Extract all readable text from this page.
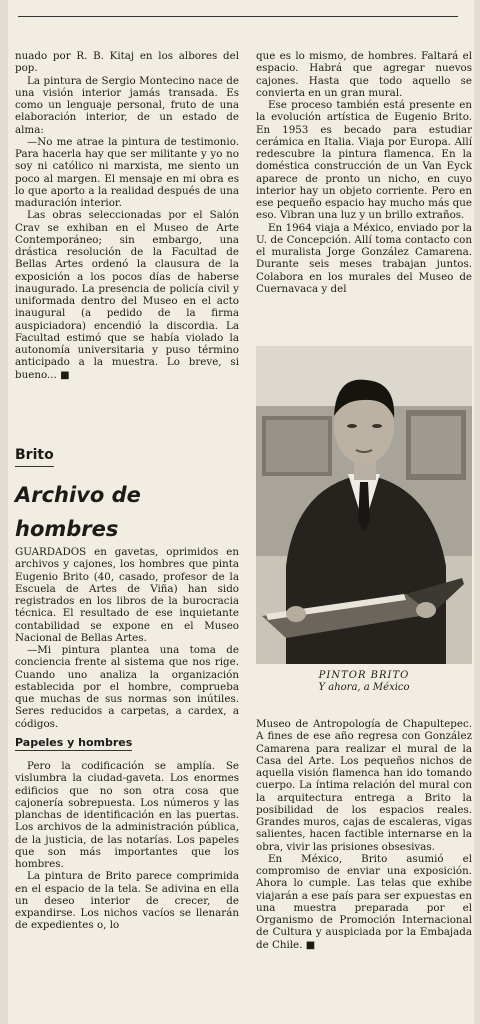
nuado por R. B. Kitaj en los albores del pop.

La pintura de Sergio Montecino nace de una visión interior jamás transada. Es como un lenguaje personal, fruto de una elaboración interior, de un estado de alma:

—No me atrae la pintura de testimonio. Para hacerla hay que ser militante y yo no soy ni católico ni marxista, me siento un poco al margen. El mensaje en mi obra es lo que aporto a la realidad después de una maduración interior.

Las obras seleccionadas por el Salón Crav se exhiban en el Museo de Arte Contemporáneo; sin embargo, una drástica resolución de la Facultad de Bellas Artes ordenó la clausura de la exposición a los pocos días de haberse inaugurado. La presencia de policía civil y uniformada dentro del Museo en el acto inaugural (a pedido de la firma auspiciadora) encendió la discordia. La Facultad estimó que se había violado la autonomía universitaria y puso término anticipado a la muestra. Lo breve, si bueno... ■

que es lo mismo, de hombres. Faltará el espacio. Habrá que agregar nuevos cajones. Hasta que todo aquello se convierta en un gran mural.

Ese proceso también está presente en la evolución artística de Eugenio Brito. En 1953 es becado para estudiar cerámica en Italia. Viaja por Europa. Allí redescubre la pintura flamenca. En la doméstica construcción de un Van Eyck aparece de pronto un nicho, en cuyo interior hay un objeto corriente. Pero en ese pequeño espacio hay mucho más que eso. Vibran una luz y un brillo extraños.

En 1964 viaja a México, enviado por la U. de Concepción. Allí toma contacto con el muralista Jorge González Camarena. Durante seis meses trabajan juntos. Colabora en los murales del Museo de Cuernavaca y del

Brito
Archivo de hombres

GUARDADOS en gavetas, oprimidos en archivos y cajones, los hombres que pinta Eugenio Brito (40, casado, profesor de la Escuela de Artes de Viña) han sido registrados en los libros de la burocracia técnica. El resultado de ese inquietante contabilidad se expone en el Museo Nacional de Bellas Artes.

—Mi pintura plantea una toma de conciencia frente al sistema que nos rige. Cuando uno analiza la organización establecida por el hombre, comprueba que muchas de sus normas son inútiles. Seres reducidos a carpetas, a cardex, a códigos.

Papeles y hombres

Pero la codificación se amplía. Se vislumbra la ciudad-gaveta. Los enormes edificios que no son otra cosa que cajonería sobrepuesta. Los números y las planchas de identificación en las puertas. Los archivos de la administración pública, de la justicia, de las notarías. Los papeles que son más importantes que los hombres.

La pintura de Brito parece comprimida en el espacio de la tela. Se adivina en ella un deseo interior de crecer, de expandirse. Los nichos vacíos se llenarán de expedientes o, lo

PINTOR BRITO
Y ahora, a México

Museo de Antropología de Chapultepec. A fines de ese año regresa con González Camarena para realizar el mural de la Casa del Arte. Los pequeños nichos de aquella visión flamenca han ido tomando cuerpo. La íntima relación del mural con la arquitectura entrega a Brito la posibilidad de los espacios reales. Grandes muros, cajas de escaleras, vigas salientes, hacen factible internarse en la obra, vivir las prisiones obsesivas.

En México, Brito asumió el compromiso de enviar una exposición. Ahora lo cumple. Las telas que exhibe viajarán a ese país para ser expuestas en una muestra preparada por el Organismo de Promoción Internacional de Cultura y auspiciada por la Embajada de Chile. ■
